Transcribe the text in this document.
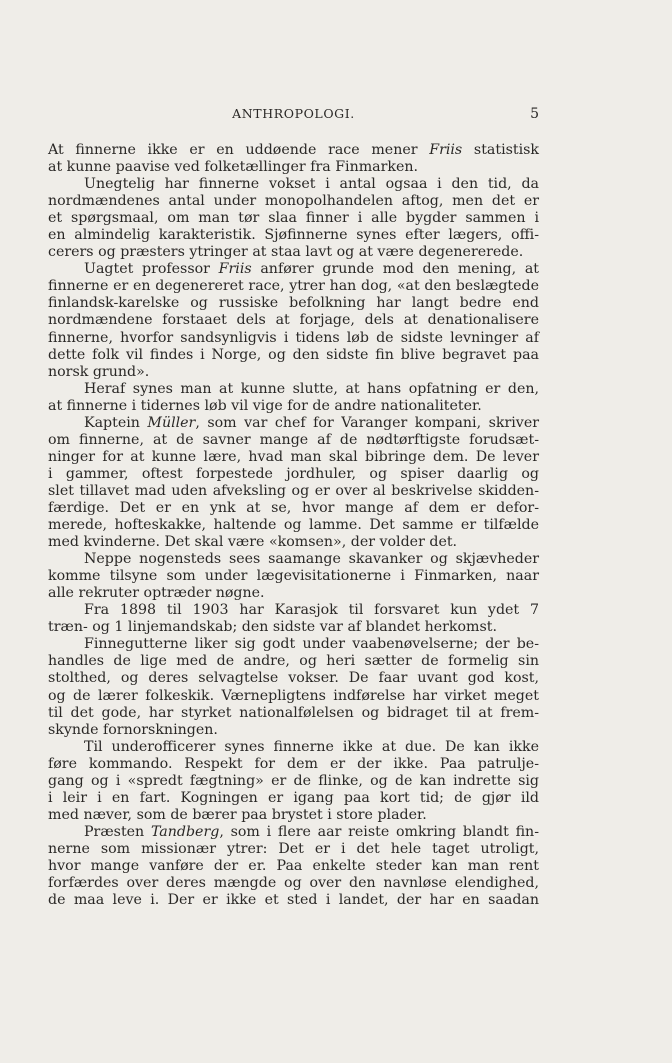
ANTHROPOLOGI.	5
At finnerne ikke er en uddøende race mener Friis statistisk
at kunne paavise ved folketællinger fra Finmarken.
Unegtelig har finnerne vokset i antal ogsaa i den tid, da
nordmændenes antal under monopolhandelen aftog, men det er
et spørgsmaal, om man tør slaa finner i alle bygder sammen i
en almindelig karakteristik. Sjøfinnerne synes efter lægers, offi-
cerers og præsters ytringer at staa lavt og at være degenererede.
Uagtet professor Friis anfører grunde mod den mening, at
finnerne er en degenereret race, ytrer han dog, «at den beslægtede
finlandsk-karelske og russiske befolkning har langt bedre end
nordmændene forstaaet dels at forjage, dels at denationalisere
finnerne, hvorfor sandsynligvis i tidens løb de sidste levninger af
dette folk vil findes i Norge, og den sidste fin blive begravet paa
norsk grund».
Heraf synes man at kunne slutte, at hans opfatning er den,
at finnerne i tidernes løb vil vige for de andre nationaliteter.
Kaptein Müller, som var chef for Varanger kompani, skriver
om finnerne, at de savner mange af de nødtørftigste forudsæt-
ninger for at kunne lære, hvad man skal bibringe dem. De lever
i gammer, oftest forpestede jordhuler, og spiser daarlig og
slet tillavet mad uden afveksling og er over al beskrivelse skidden-
færdige. Det er en ynk at se, hvor mange af dem er defor-
merede, hofteskakke, haltende og lamme. Det samme er tilfælde
med kvinderne. Det skal være «komsen», der volder det.
Neppe nogensteds sees saamange skavanker og skjævheder
komme tilsyne som under lægevisitationerne i Finmarken, naar
alle rekruter optræder nøgne.
Fra 1898 til 1903 har Karasjok til forsvaret kun ydet 7
træn- og 1 linjemandskab; den sidste var af blandet herkomst.
Finnegutterne liker sig godt under vaabenøvelserne; der be-
handles de lige med de andre, og heri sætter de formelig sin
stolthed, og deres selvagtelse vokser. De faar uvant god kost,
og de lærer folkeskik. Værnepligtens indførelse har virket meget
til det gode, har styrket nationalfølelsen og bidraget til at frem-
skynde fornorskningen.
Til underofficerer synes finnerne ikke at due. De kan ikke
føre kommando. Respekt for dem er der ikke. Paa patrulje-
gang og i «spredt fægtning» er de flinke, og de kan indrette sig
i leir i en fart. Kogningen er igang paa kort tid; de gjør ild
med næver, som de bærer paa brystet i store plader.
Præsten Tandberg, som i flere aar reiste omkring blandt fin-
nerne som missionær ytrer: Det er i det hele taget utroligt,
hvor mange vanføre der er. Paa enkelte steder kan man rent
forfærdes over deres mængde og over den navnløse elendighed,
de maa leve i. Der er ikke et sted i landet, der har en saadan
